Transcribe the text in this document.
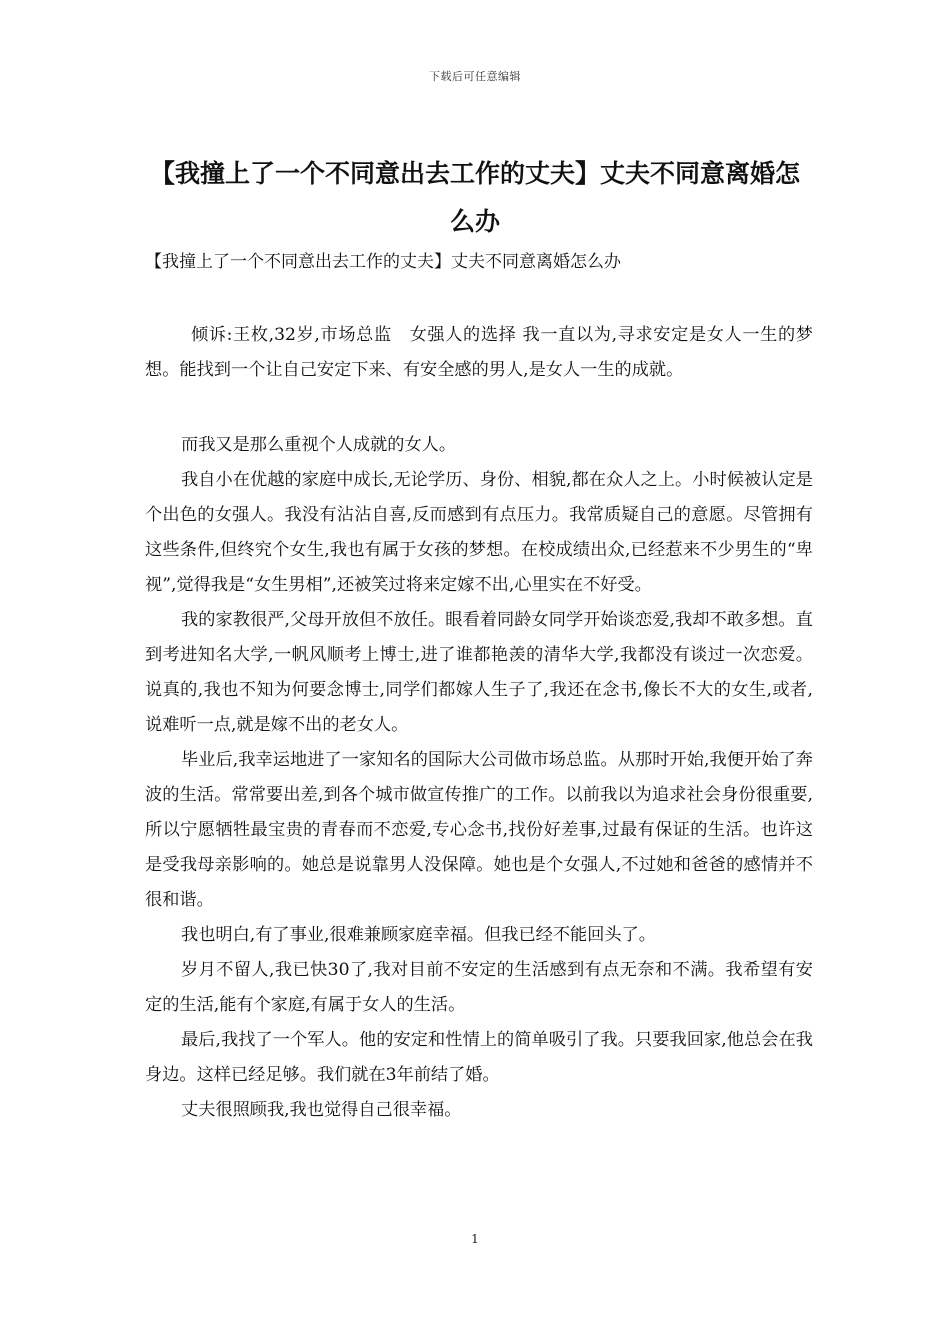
下载后可任意编辑
【我撞上了一个不同意出去工作的丈夫】丈夫不同意离婚怎么办
【我撞上了一个不同意出去工作的丈夫】丈夫不同意离婚怎么办

倾诉:王枚,32岁,市场总监　女强人的选择 我一直以为,寻求安定是女人一生的梦想。能找到一个让自己安定下来、有安全感的男人,是女人一生的成就。

而我又是那么重视个人成就的女人。

我自小在优越的家庭中成长,无论学历、身份、相貌,都在众人之上。小时候被认定是个出色的女强人。我没有沾沾自喜,反而感到有点压力。我常质疑自己的意愿。尽管拥有这些条件,但终究个女生,我也有属于女孩的梦想。在校成绩出众,已经惹来不少男生的“卑视”,觉得我是“女生男相”,还被笑过将来定嫁不出,心里实在不好受。

我的家教很严,父母开放但不放任。眼看着同龄女同学开始谈恋爱,我却不敢多想。直到考进知名大学,一帆风顺考上博士,进了谁都艳羡的清华大学,我都没有谈过一次恋爱。说真的,我也不知为何要念博士,同学们都嫁人生子了,我还在念书,像长不大的女生,或者,说难听一点,就是嫁不出的老女人。

毕业后,我幸运地进了一家知名的国际大公司做市场总监。从那时开始,我便开始了奔波的生活。常常要出差,到各个城市做宣传推广的工作。以前我以为追求社会身份很重要,所以宁愿牺牲最宝贵的青春而不恋爱,专心念书,找份好差事,过最有保证的生活。也许这是受我母亲影响的。她总是说靠男人没保障。她也是个女强人,不过她和爸爸的感情并不很和谐。

我也明白,有了事业,很难兼顾家庭幸福。但我已经不能回头了。

岁月不留人,我已快30了,我对目前不安定的生活感到有点无奈和不满。我希望有安定的生活,能有个家庭,有属于女人的生活。

最后,我找了一个军人。他的安定和性情上的简单吸引了我。只要我回家,他总会在我身边。这样已经足够。我们就在3年前结了婚。

丈夫很照顾我,我也觉得自己很幸福。

1
